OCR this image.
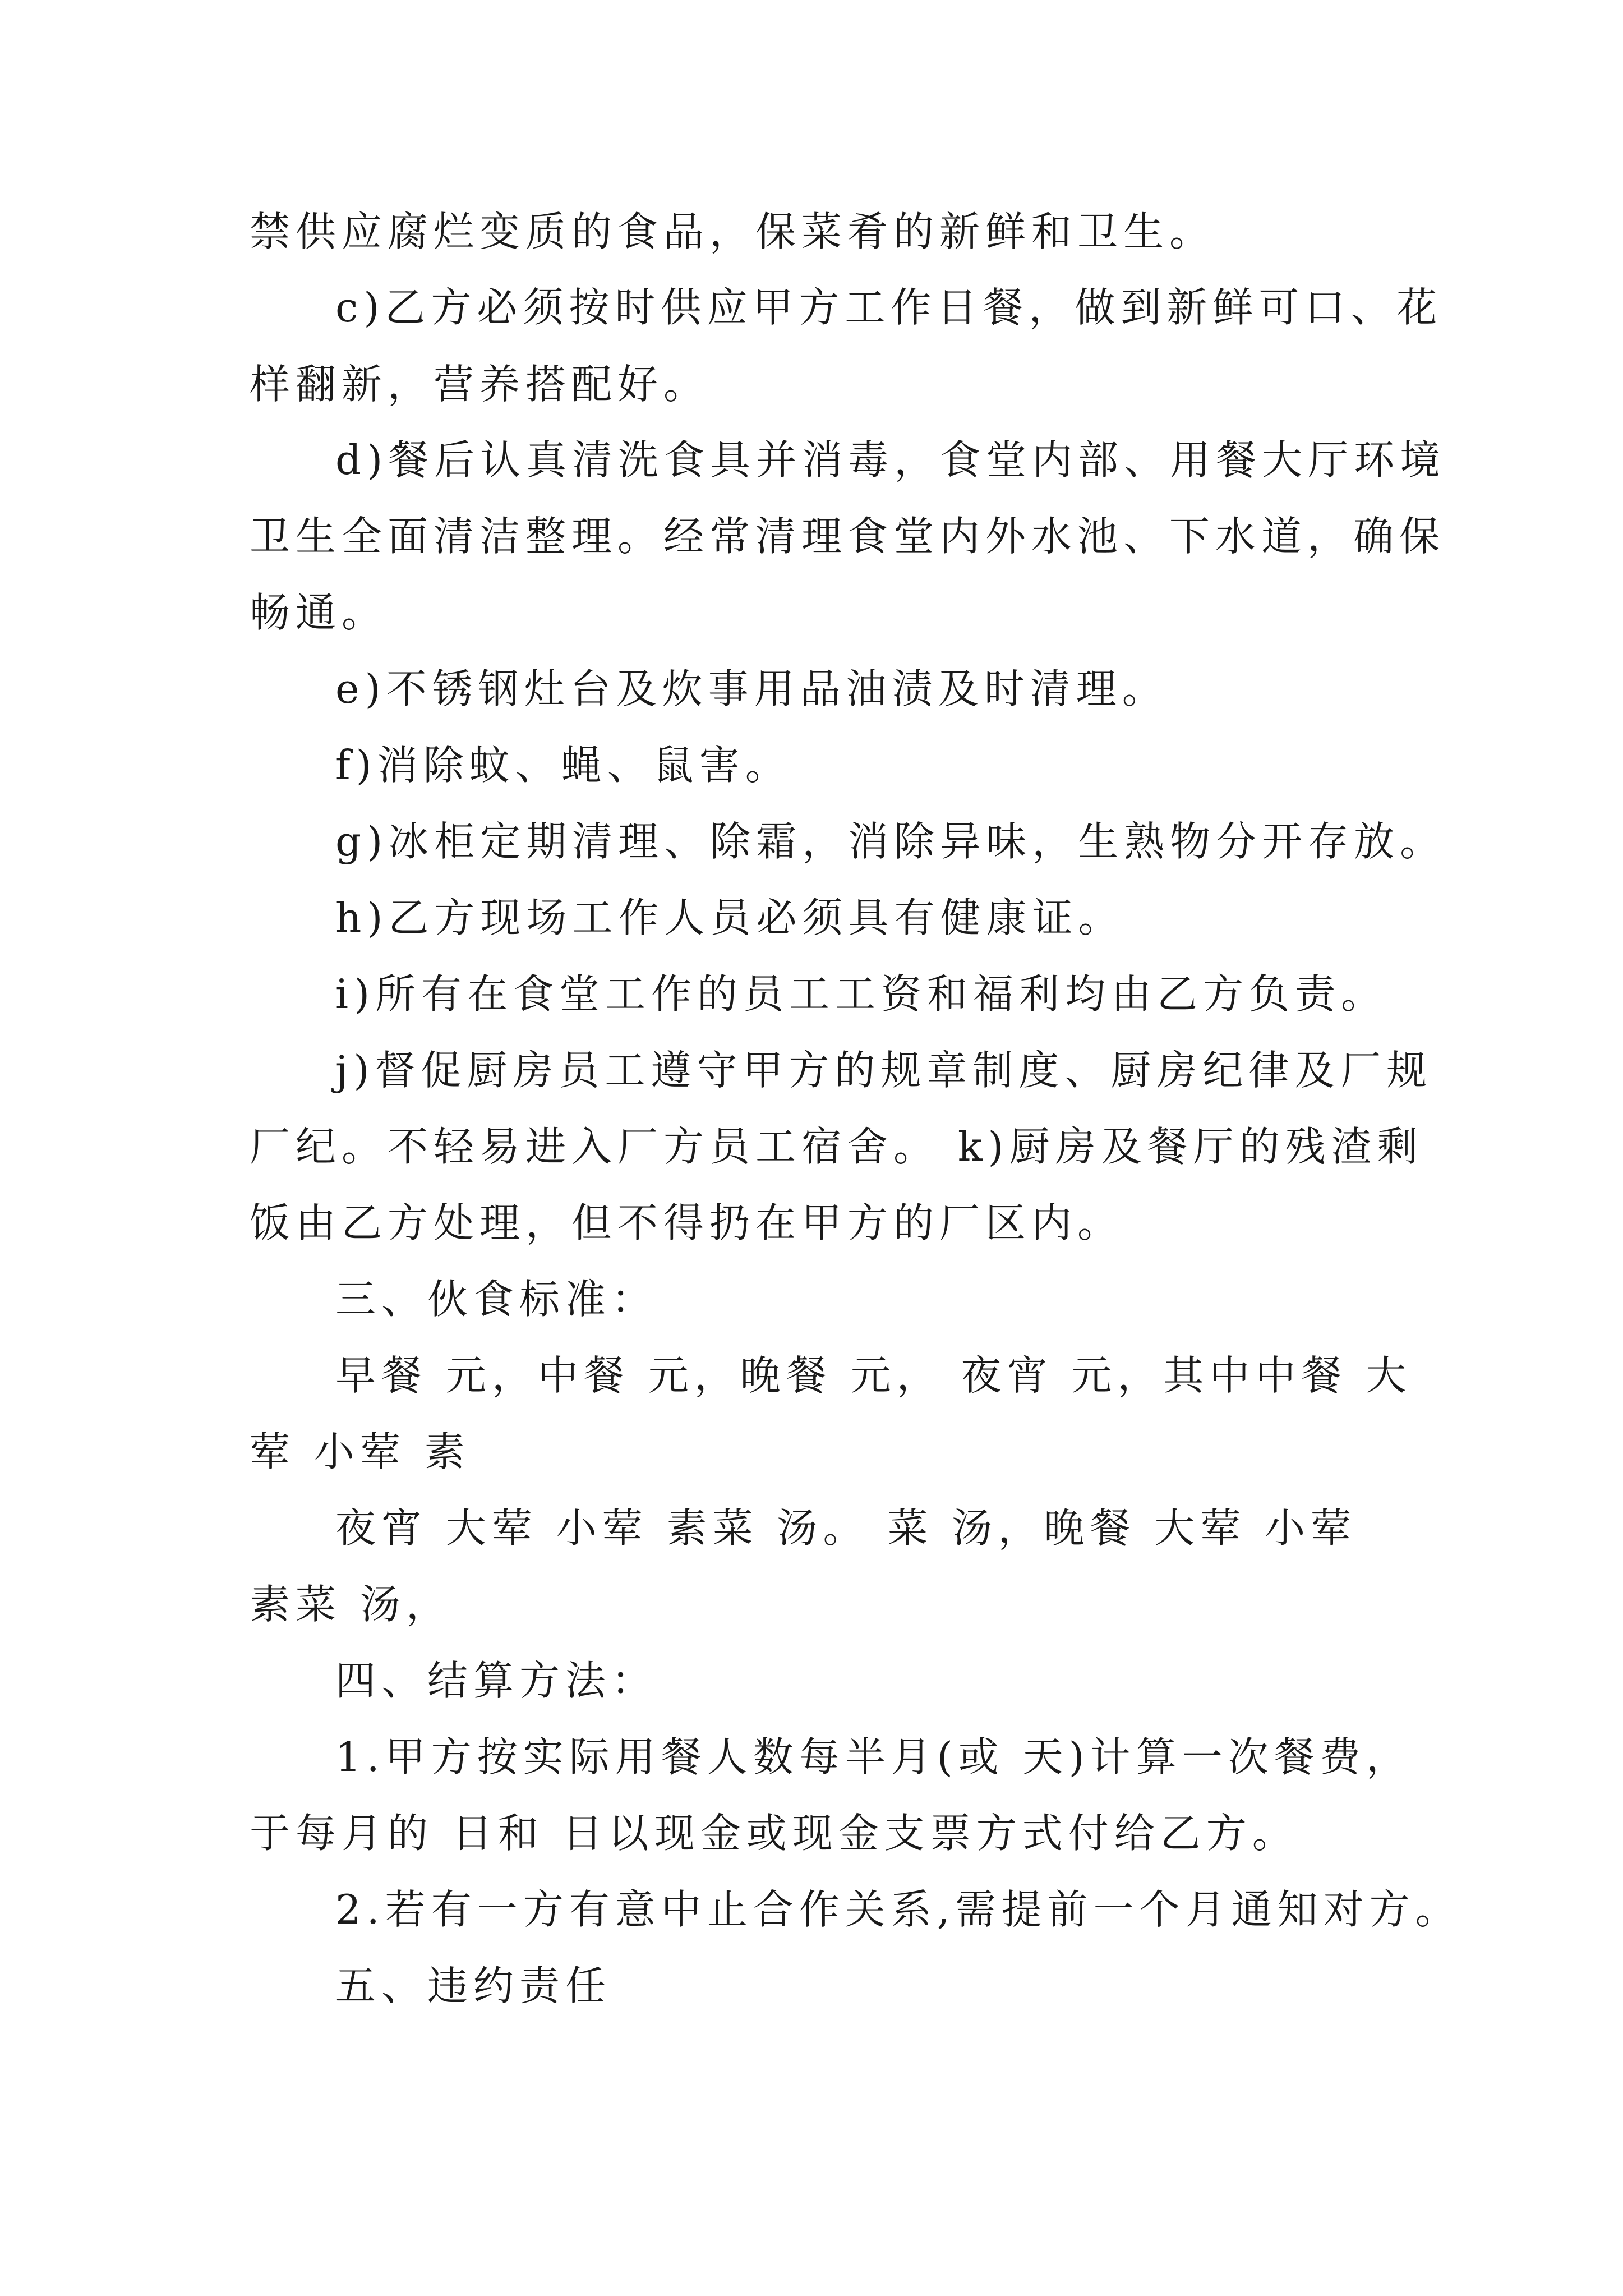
禁供应腐烂变质的食品，保菜肴的新鲜和卫生。
c)乙方必须按时供应甲方工作日餐，做到新鲜可口、花
样翻新，营养搭配好。
d)餐后认真清洗食具并消毒，食堂内部、用餐大厅环境
卫生全面清洁整理。经常清理食堂内外水池、下水道，确保
畅通。
e)不锈钢灶台及炊事用品油渍及时清理。
f)消除蚊、蝇、鼠害。
g)冰柜定期清理、除霜，消除异味，生熟物分开存放。
h)乙方现场工作人员必须具有健康证。
i)所有在食堂工作的员工工资和福利均由乙方负责。
j)督促厨房员工遵守甲方的规章制度、厨房纪律及厂规
厂纪。不轻易进入厂方员工宿舍。 k)厨房及餐厅的残渣剩
饭由乙方处理，但不得扔在甲方的厂区内。
三、伙食标准：
早餐 元，中餐 元，晚餐 元， 夜宵 元，其中中餐 大
荤 小荤 素
夜宵 大荤 小荤 素菜 汤。 菜 汤，晚餐 大荤 小荤
素菜 汤，
四、结算方法：
1.甲方按实际用餐人数每半月(或 天)计算一次餐费，
于每月的 日和 日以现金或现金支票方式付给乙方。
2.若有一方有意中止合作关系,需提前一个月通知对方。
五、违约责任
